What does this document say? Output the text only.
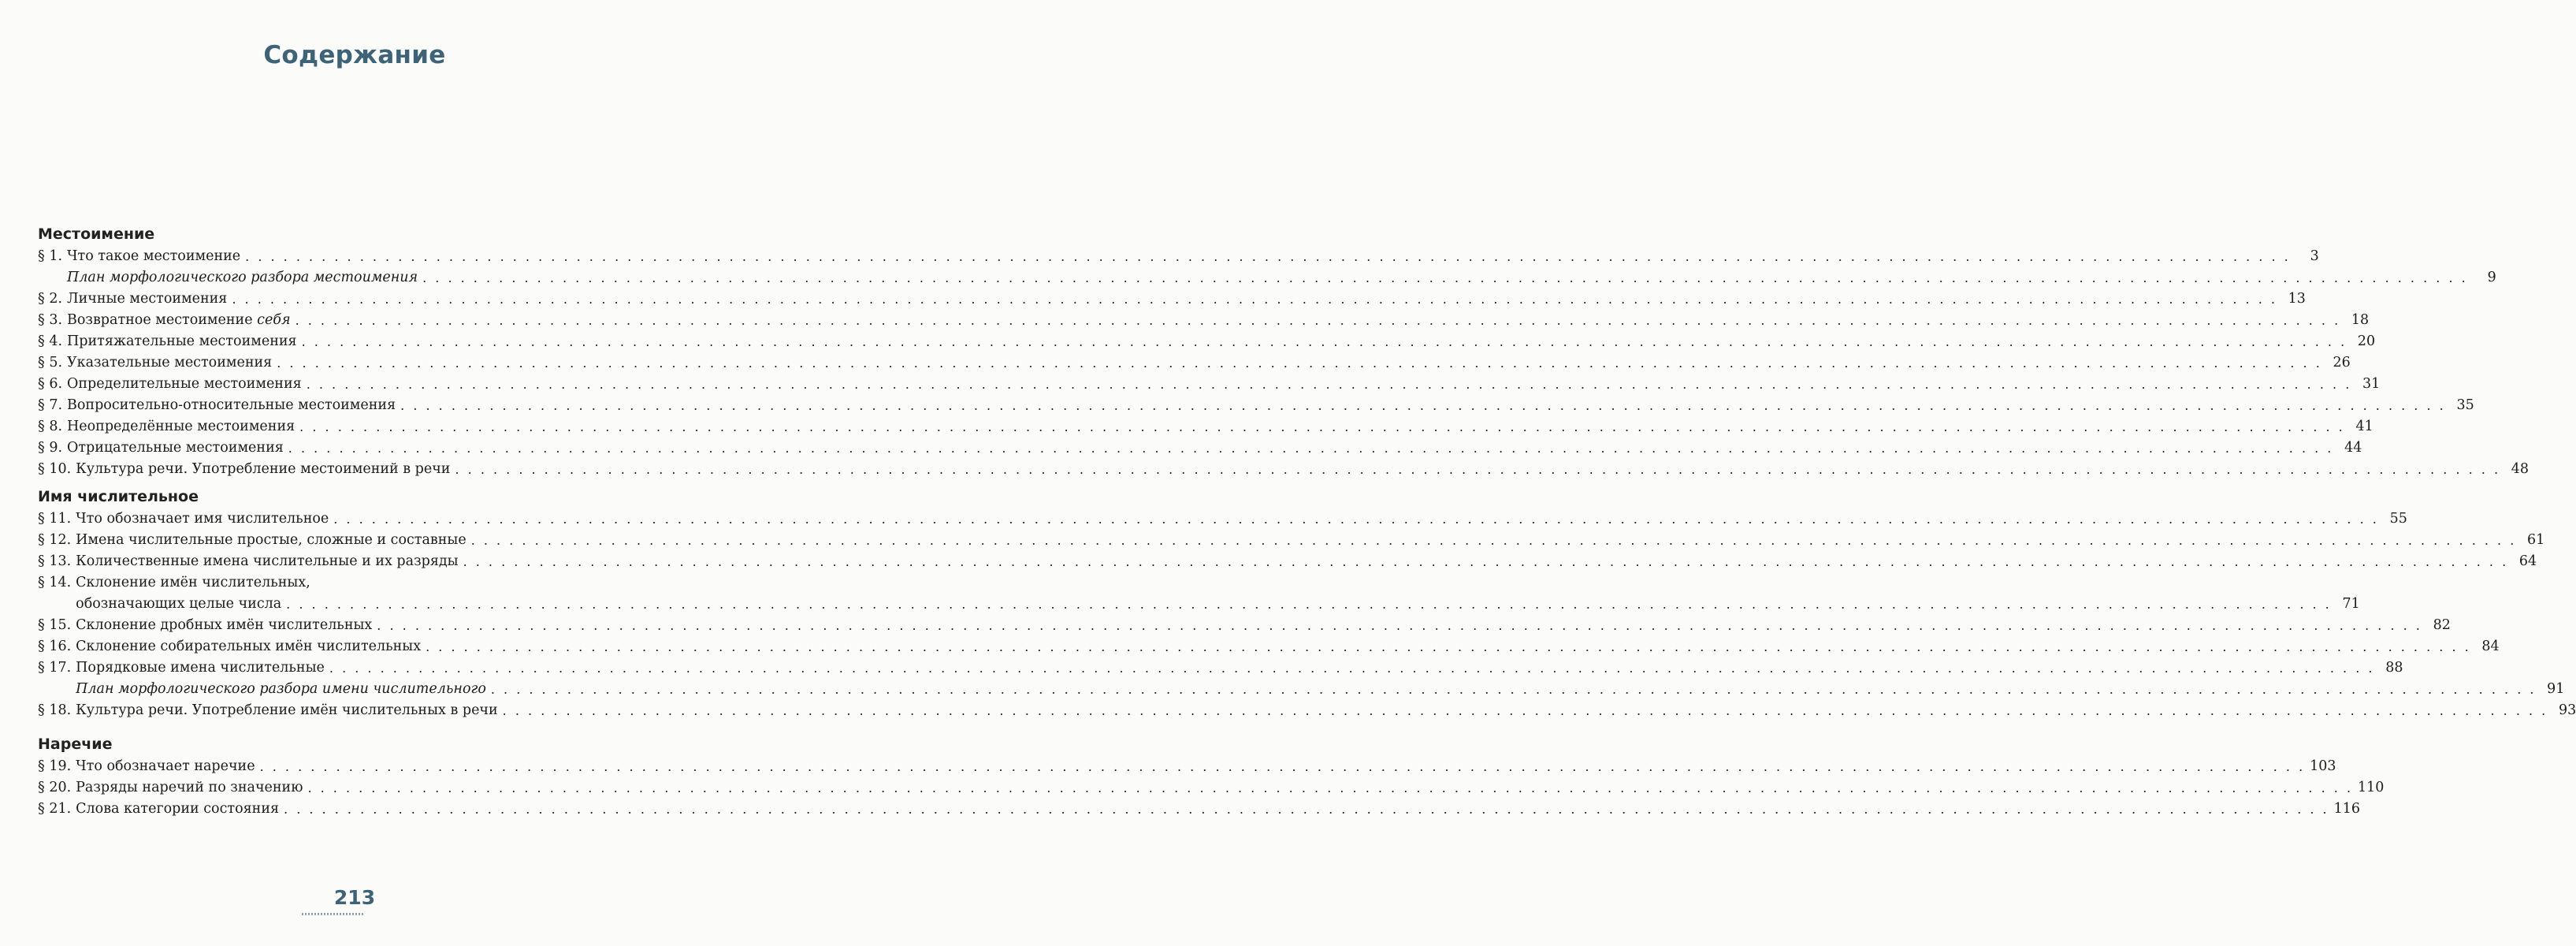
Содержание
Местоимение
§ 1. Что такое местоимение . . .	3
План морфологического разбора местоимения . . .	9
§ 2. Личные местоимения . . .	13
§ 3. Возвратное местоимение себя . . .	18
§ 4. Притяжательные местоимения . . .	20
§ 5. Указательные местоимения . . .	26
§ 6. Определительные местоимения . . .	31
§ 7. Вопросительно-относительные местоимения . . .	35
§ 8. Неопределённые местоимения . . .	41
§ 9. Отрицательные местоимения . . .	44
§ 10. Культура речи. Употребление местоимений в речи . . .	48
Имя числительное
§ 11. Что обозначает имя числительное . . .	55
§ 12. Имена числительные простые, сложные и составные . . .	61
§ 13. Количественные имена числительные и их разряды . . .	64
§ 14. Склонение имён числительных,
обозначающих целые числа . . .	71
§ 15. Склонение дробных имён числительных . . .	82
§ 16. Склонение собирательных имён числительных . . .	84
§ 17. Порядковые имена числительные . . .	88
План морфологического разбора имени числительного . . .	91
§ 18. Культура речи. Употребление имён числительных в речи . . .	93
Наречие
§ 19. Что обозначает наречие . . .	103
§ 20. Разряды наречий по значению . . .	110
§ 21. Слова категории состояния . . .	116
213
